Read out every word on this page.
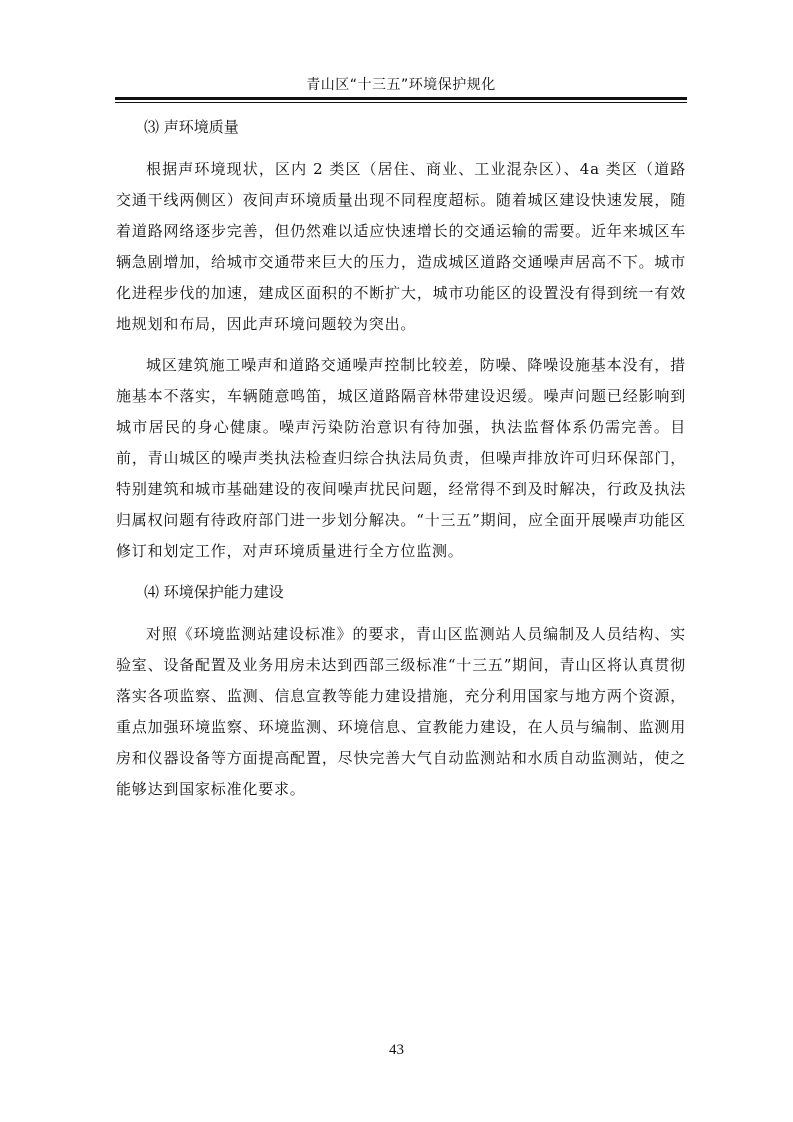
青山区“十三五”环境保护规化
⑶ 声环境质量

根据声环境现状，区内 2 类区（居住、商业、工业混杂区）、4a 类区（道路交通干线两侧区）夜间声环境质量出现不同程度超标。随着城区建设快速发展，随着道路网络逐步完善，但仍然难以适应快速增长的交通运输的需要。近年来城区车辆急剧增加，给城市交通带来巨大的压力，造成城区道路交通噪声居高不下。城市化进程步伐的加速，建成区面积的不断扩大，城市功能区的设置没有得到统一有效地规划和布局，因此声环境问题较为突出。

城区建筑施工噪声和道路交通噪声控制比较差，防噪、降噪设施基本没有，措施基本不落实，车辆随意鸣笛，城区道路隔音林带建设迟缓。噪声问题已经影响到城市居民的身心健康。噪声污染防治意识有待加强，执法监督体系仍需完善。目前，青山城区的噪声类执法检查归综合执法局负责，但噪声排放许可归环保部门，特别建筑和城市基础建设的夜间噪声扰民问题，经常得不到及时解决，行政及执法归属权问题有待政府部门进一步划分解决。“十三五”期间，应全面开展噪声功能区修订和划定工作，对声环境质量进行全方位监测。

⑷ 环境保护能力建设

对照《环境监测站建设标准》的要求，青山区监测站人员编制及人员结构、实验室、设备配置及业务用房未达到西部三级标准“十三五”期间，青山区将认真贯彻落实各项监察、监测、信息宣教等能力建设措施，充分利用国家与地方两个资源，重点加强环境监察、环境监测、环境信息、宣教能力建设，在人员与编制、监测用房和仪器设备等方面提高配置，尽快完善大气自动监测站和水质自动监测站，使之能够达到国家标准化要求。

43
